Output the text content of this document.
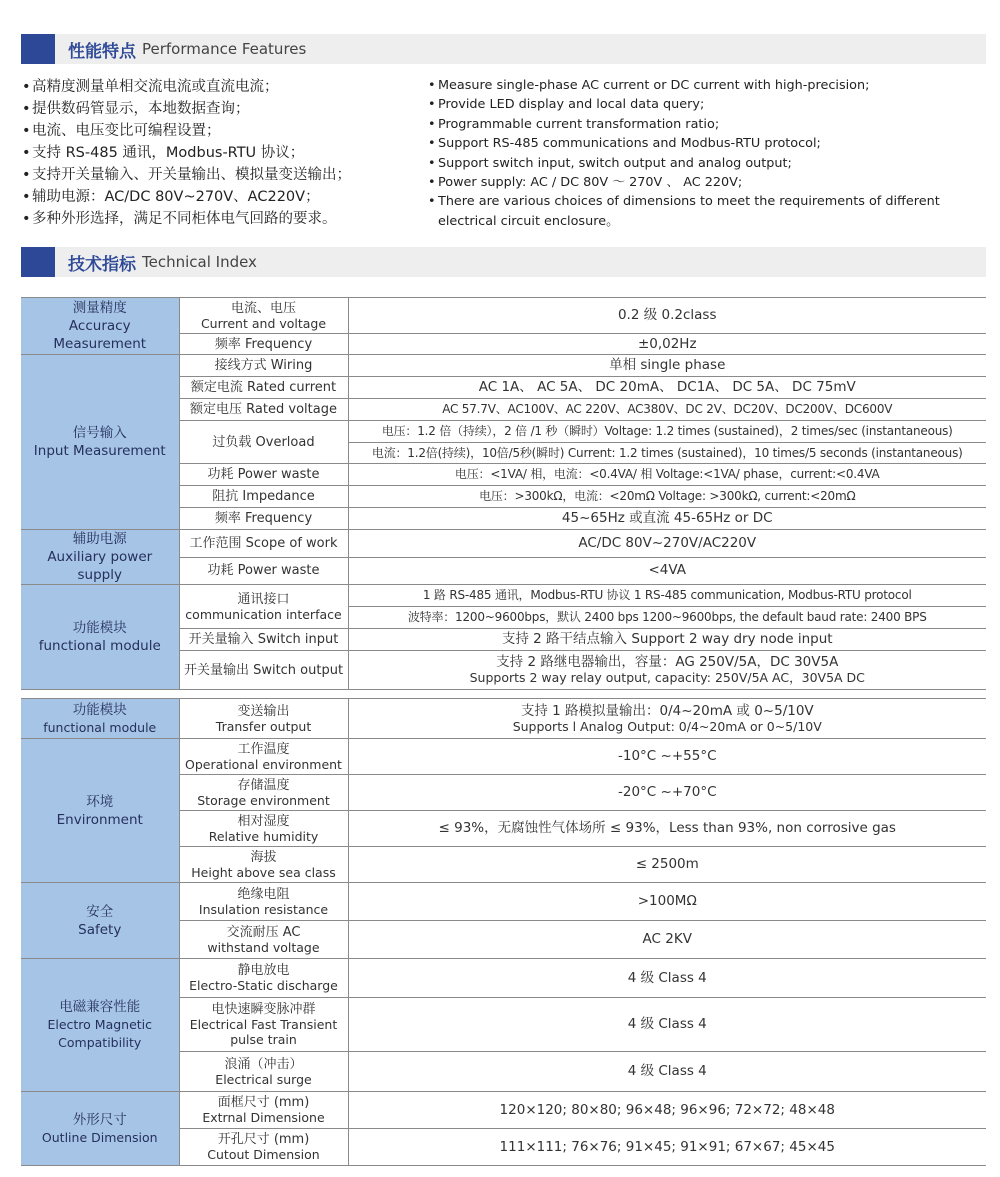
性能特点 Performance Features
• 高精度测量单相交流电流或直流电流；
• 提供数码管显示，本地数据查询；
• 电流、电压变比可编程设置；
• 支持 RS-485 通讯，Modbus-RTU 协议；
• 支持开关量输入、开关量输出、模拟量变送输出；
• 辅助电源：AC/DC 80V~270V、AC220V；
• 多种外形选择，满足不同柜体电气回路的要求。
• Measure single-phase AC current or DC current with high-precision;
• Provide LED display and local data query;
• Programmable current transformation ratio;
• Support RS-485 communications and Modbus-RTU protocol;
• Support switch input, switch output and analog output;
• Power supply: AC / DC 80V ～ 270V 、 AC 220V;
• There are various choices of dimensions to meet the requirements of different electrical circuit enclosure。
技术指标 Technical Index
测量精度
Accuracy Measurement	电流、电压
Current and voltage	0.2 级 0.2class
	频率 Frequency	±0,02Hz

信号输入
Input Measurement	接线方式 Wiring	单相 single phase
	额定电流 Rated current	AC 1A、 AC 5A、 DC 20mA、 DC1A、 DC 5A、 DC 75mV
	额定电压 Rated voltage	AC 57.7V、AC100V、AC 220V、AC380V、DC 2V、DC20V、DC200V、DC600V
	过负载 Overload	电压：1.2 倍（持续），2 倍 /1 秒（瞬时）Voltage: 1.2 times (sustained)，2 times/sec (instantaneous)
		电流：1.2倍(持续)，10倍/5秒(瞬时) Current: 1.2 times (sustained)，10 times/5 seconds (instantaneous)
	功耗 Power waste	电压：<1VA/ 相，电流：<0.4VA/ 相 Voltage:<1VA/ phase，current:<0.4VA
	阻抗 Impedance	电压：>300kΩ，电流：<20mΩ Voltage: >300kΩ, current:<20mΩ
	频率 Frequency	45~65Hz 或直流 45-65Hz or DC

辅助电源
Auxiliary power supply	工作范围 Scope of work	AC/DC 80V~270V/AC220V
	功耗 Power waste	<4VA

功能模块
functional module	通讯接口
communication interface	1 路 RS-485 通讯，Modbus-RTU 协议 1 RS-485 communication, Modbus-RTU protocol
		波特率：1200~9600bps，默认 2400 bps 1200~9600bps, the default baud rate: 2400 BPS
	开关量输入 Switch input	支持 2 路干结点输入 Support 2 way dry node input
	开关量输出 Switch output	支持 2 路继电器输出，容量：AG 250V/5A，DC 30V5A
Supports 2 way relay output, capacity: 250V/5A AC，30V5A DC
功能模块
functional module	变送输出
Transfer output	支持 1 路模拟量输出：0/4~20mA 或 0~5/10V
Supports l Analog Output: 0/4~20mA or 0~5/10V

环境
Environment	工作温度
Operational environment	-10°C ~+55°C

	存储温度
Storage environment	-20°C ~+70°C

	相对湿度
Relative humidity	≤ 93%，无腐蚀性气体场所 ≤ 93%，Less than 93%, non corrosive gas

	海拔
Height above sea class	≤ 2500m

安全
Safety	绝缘电阻
Insulation resistance	>100MΩ

	交流耐压 AC
withstand voltage	AC 2KV

电磁兼容性能
Electro Magnetic
Compatibility	静电放电
Electro-Static discharge	4 级 Class 4

	电快速瞬变脉冲群
Electrical Fast Transient
pulse train	4 级 Class 4

	浪涌（冲击）
Electrical surge	4 级 Class 4

外形尺寸
Outline Dimension	面框尺寸 (mm)
Extrnal Dimensione	120×120; 80×80; 96×48; 96×96; 72×72; 48×48

	开孔尺寸 (mm)
Cutout Dimension	111×111; 76×76; 91×45; 91×91; 67×67; 45×45
